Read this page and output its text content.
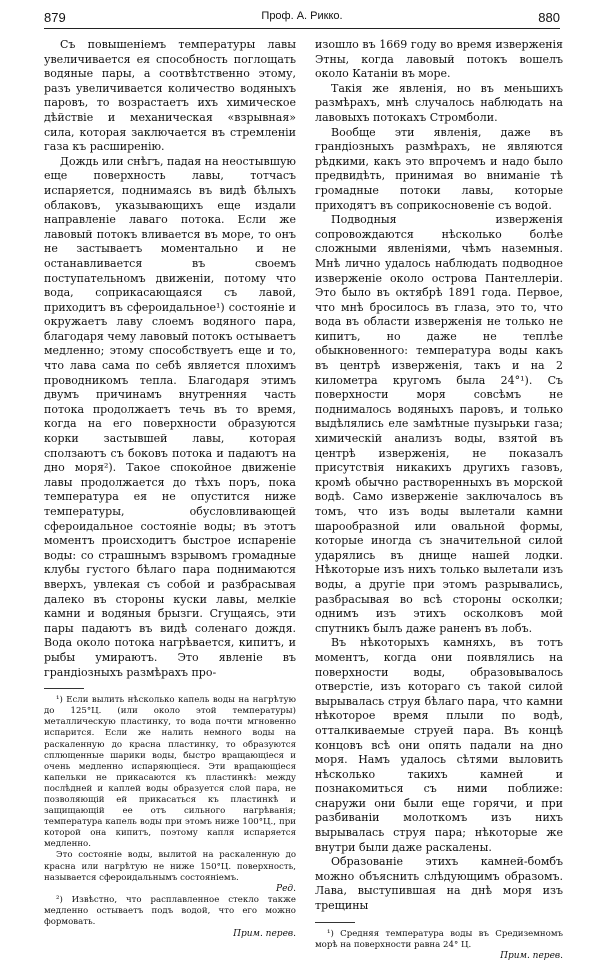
879	Проф. А. Рикко.	880

Съ повышеніемъ температуры лавы увеличивается ея способность поглощать водяные пары, а соотвѣтственно этому, разъ увеличивается количество водяныхъ паровъ, то возрастаетъ ихъ химическое дѣйствіе и механическая «взрывная» сила, которая заключается въ стремленіи газа къ расширенію.

Дождь или снѣгъ, падая на неостывшую еще поверхность лавы, тотчасъ испаряется, поднимаясь въ видѣ бѣлыхъ облаковъ, указывающихъ еще издали направленіе лаваго потока. Если же лавовый потокъ вливается въ море, то онъ не застываетъ моментально и не останавливается въ своемъ поступательномъ движеніи, потому что вода, соприкасающаяся съ лавой, приходитъ въ сфероидальное¹) состояніе и окружаетъ лаву слоемъ водяного пара, благодаря чему лавовый потокъ остываетъ медленно; этому способствуетъ еще и то, что лава сама по себѣ является плохимъ проводникомъ тепла. Благодаря этимъ двумъ причинамъ внутренняя часть потока продолжаетъ течь въ то время, когда на его поверхности образуются корки застывшей лавы, которая сползаютъ съ боковъ потока и падаютъ на дно моря²). Такое спокойное движеніе лавы продолжается до тѣхъ поръ, пока температура ея не опустится ниже температуры, обусловливающей сфероидальное состояніе воды; въ этотъ моментъ происходитъ быстрое испареніе воды: со страшнымъ взрывомъ громадные клубы густого бѣлаго пара поднимаются вверхъ, увлекая съ собой и разбрасывая далеко въ стороны куски лавы, мелкіе камни и водяныя брызги. Сгущаясь, эти пары падаютъ въ видѣ соленаго дождя. Вода около потока нагрѣвается, кипитъ, и рыбы умираютъ. Это явленіе въ грандіозныхъ размѣрахъ про-

¹) Если вылить нѣсколько капель воды на нагрѣтую до 125°Ц. (или около этой температуры) металлическую пластинку, то вода почти мгновенно испарится. Если же налить немного воды на раскаленную до красна пластинку, то образуются сплющенные шарики воды, быстро вращающіеся и очень медленно испаряющіеся. Эти вращающіеся капельки не прикасаются къ пластинкѣ: между послѣдней и каплей воды образуется слой пара, не позволяющій ей прикасаться къ пластинкѣ и защищающій ее отъ сильного нагрѣванія; температура капель воды при этомъ ниже 100°Ц., при которой она кипитъ, поэтому капля испаряется медленно.

Это состояніе воды, вылитой на раскаленную до красна или нагрѣтую не ниже 150°Ц. поверхность, называется сфероидальнымъ состояніемъ.

Ред.

²) Извѣстно, что расплавленное стекло также медленно остываетъ подъ водой, что его можно формовать.

Прим. перев.

изошло въ 1669 году во время изверженія Этны, когда лавовый потокъ вошелъ около Катаніи въ море.

Такія же явленія, но въ меньшихъ размѣрахъ, мнѣ случалось наблюдать на лавовыхъ потокахъ Стромболи.

Вообще эти явленія, даже въ грандіозныхъ размѣрахъ, не являются рѣдкими, какъ это впрочемъ и надо было предвидѣть, принимая во вниманіе тѣ громадные потоки лавы, которые приходятъ въ соприкосновеніе съ водой.

Подводныя изверженія сопровождаются нѣсколько болѣе сложными явленіями, чѣмъ наземныя. Мнѣ лично удалось наблюдать подводное изверженіе около острова Пантеллеріи. Это было въ октябрѣ 1891 года. Первое, что мнѣ бросилось въ глаза, это то, что вода въ области изверженія не только не кипитъ, но даже не теплѣе обыкновенного: температура воды какъ въ центрѣ изверженія, такъ и на 2 километра кругомъ была 24°¹). Съ поверхности моря совсѣмъ не поднималось водяныхъ паровъ, и только выдѣлялись еле замѣтные пузырьки газа; химическій анализъ воды, взятой въ центрѣ изверженія, не показалъ присутствія никакихъ другихъ газовъ, кромѣ обычно растворенныхъ въ морской водѣ. Само изверженіе заключалось въ томъ, что изъ воды вылетали камни шарообразной или овальной формы, которые иногда съ значительной силой ударялись въ днище нашей лодки. Нѣкоторые изъ нихъ только вылетали изъ воды, а другіе при этомъ разрывались, разбрасывая во всѣ стороны осколки; однимъ изъ этихъ осколковъ мой спутникъ былъ даже раненъ въ лобъ.

Въ нѣкоторыхъ камняхъ, въ тотъ моментъ, когда они появлялись на поверхности воды, образовывалось отверстіе, изъ котораго съ такой силой вырывалась струя бѣлаго пара, что камни нѣкоторое время плыли по водѣ, отталкиваемые струей пара. Въ концѣ концовъ всѣ они опять падали на дно моря. Намъ удалось сѣтями выловить нѣсколько такихъ камней и познакомиться съ ними поближе: снаружи они были еще горячи, и при разбиваніи молоткомъ изъ нихъ вырывалась струя пара; нѣкоторые же внутри были даже раскалены.

Образованіе этихъ камней-бомбъ можно объяснить слѣдующимъ образомъ. Лава, выступившая на днѣ моря изъ трещины

¹) Средняя температура воды въ Средиземномъ морѣ на поверхности равна 24° Ц.

Прим. перев.
